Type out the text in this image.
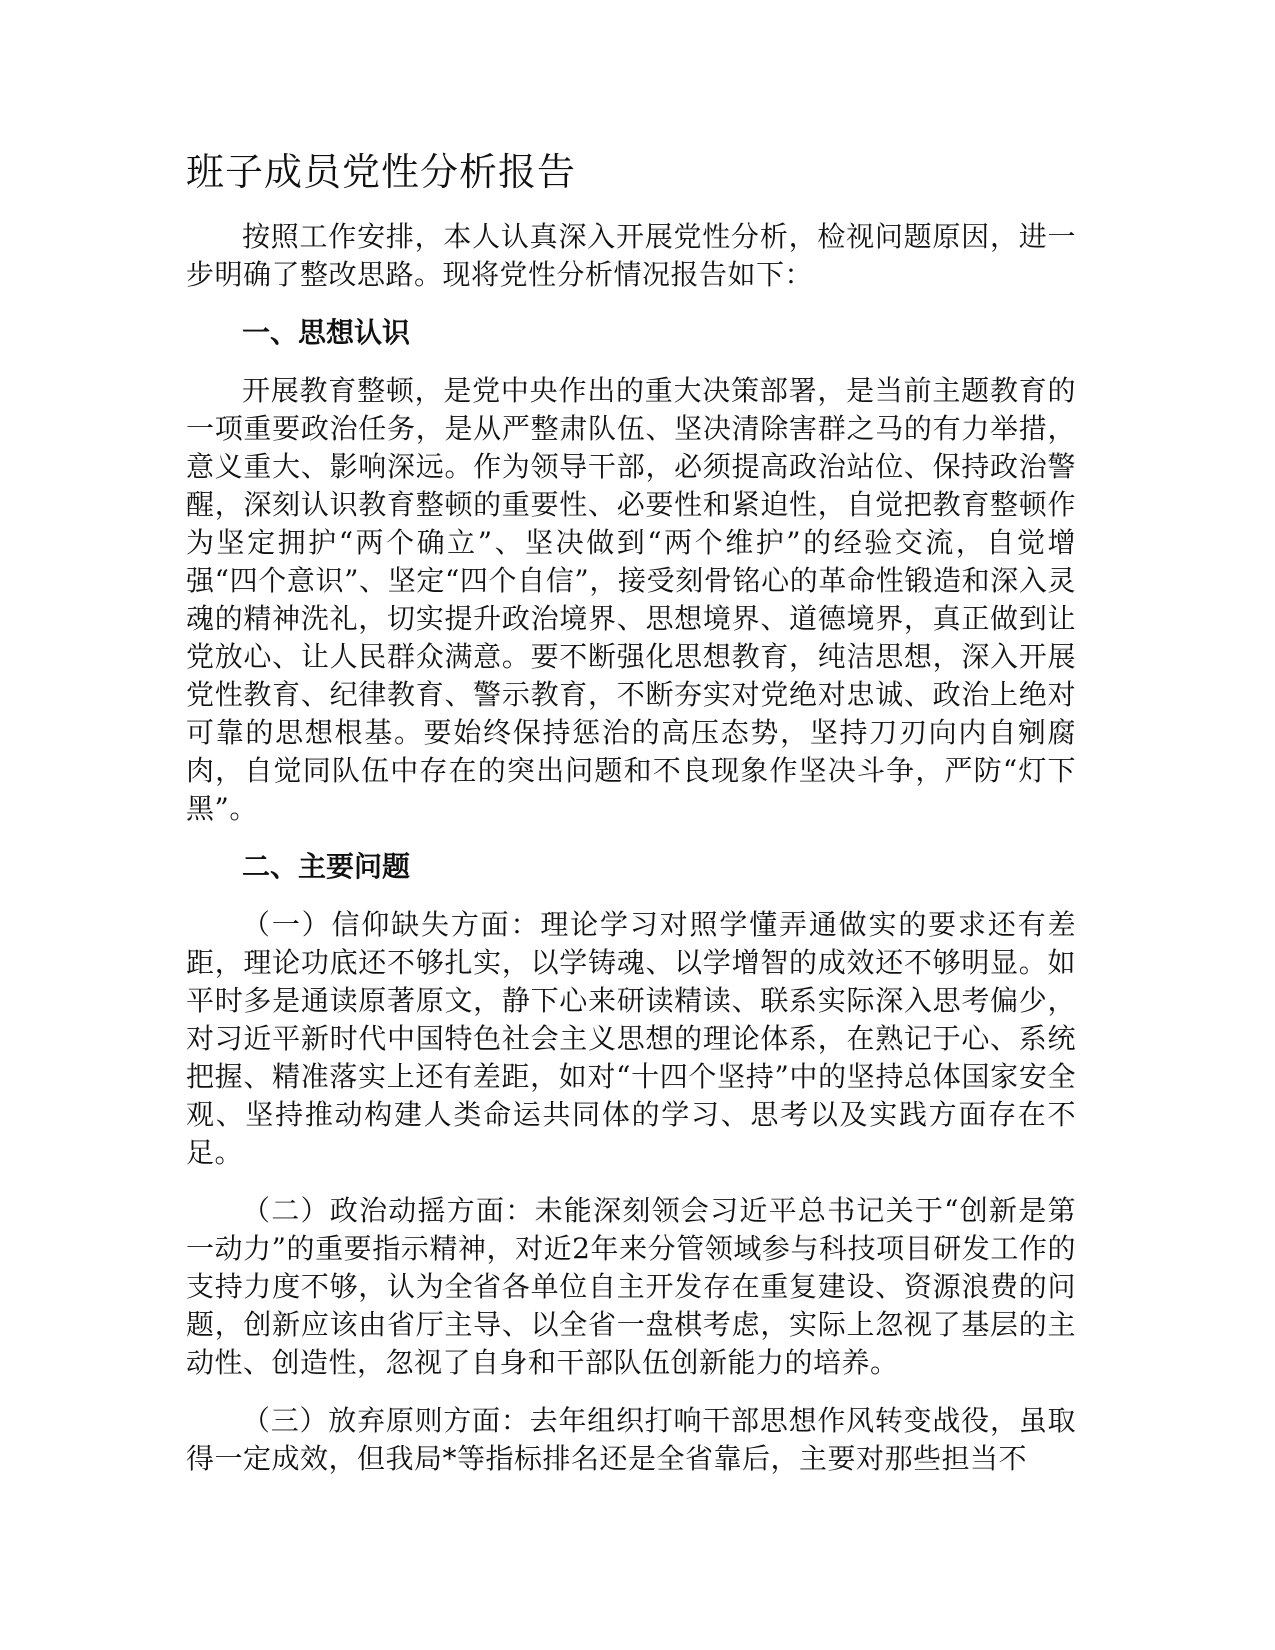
班子成员党性分析报告

按照工作安排，本人认真深入开展党性分析，检视问题原因，进一步明确了整改思路。现将党性分析情况报告如下：

一、思想认识

开展教育整顿，是党中央作出的重大决策部署，是当前主题教育的一项重要政治任务，是从严整肃队伍、坚决清除害群之马的有力举措，意义重大、影响深远。作为领导干部，必须提高政治站位、保持政治警醒，深刻认识教育整顿的重要性、必要性和紧迫性，自觉把教育整顿作为坚定拥护“两个确立”、坚决做到“两个维护”的经验交流，自觉增强“四个意识”、坚定“四个自信”，接受刻骨铭心的革命性锻造和深入灵魂的精神洗礼，切实提升政治境界、思想境界、道德境界，真正做到让党放心、让人民群众满意。要不断强化思想教育，纯洁思想，深入开展党性教育、纪律教育、警示教育，不断夯实对党绝对忠诚、政治上绝对可靠的思想根基。要始终保持惩治的高压态势，坚持刀刃向内自剜腐肉，自觉同队伍中存在的突出问题和不良现象作坚决斗争，严防“灯下黑”。

二、主要问题

（一）信仰缺失方面：理论学习对照学懂弄通做实的要求还有差距，理论功底还不够扎实，以学铸魂、以学增智的成效还不够明显。如平时多是通读原著原文，静下心来研读精读、联系实际深入思考偏少，对习近平新时代中国特色社会主义思想的理论体系，在熟记于心、系统把握、精准落实上还有差距，如对“十四个坚持”中的坚持总体国家安全观、坚持推动构建人类命运共同体的学习、思考以及实践方面存在不足。

（二）政治动摇方面：未能深刻领会习近平总书记关于“创新是第一动力”的重要指示精神，对近2年来分管领域参与科技项目研发工作的支持力度不够，认为全省各单位自主开发存在重复建设、资源浪费的问题，创新应该由省厅主导、以全省一盘棋考虑，实际上忽视了基层的主动性、创造性，忽视了自身和干部队伍创新能力的培养。

（三）放弃原则方面：去年组织打响干部思想作风转变战役，虽取得一定成效，但我局*等指标排名还是全省靠后，主要对那些担当不
